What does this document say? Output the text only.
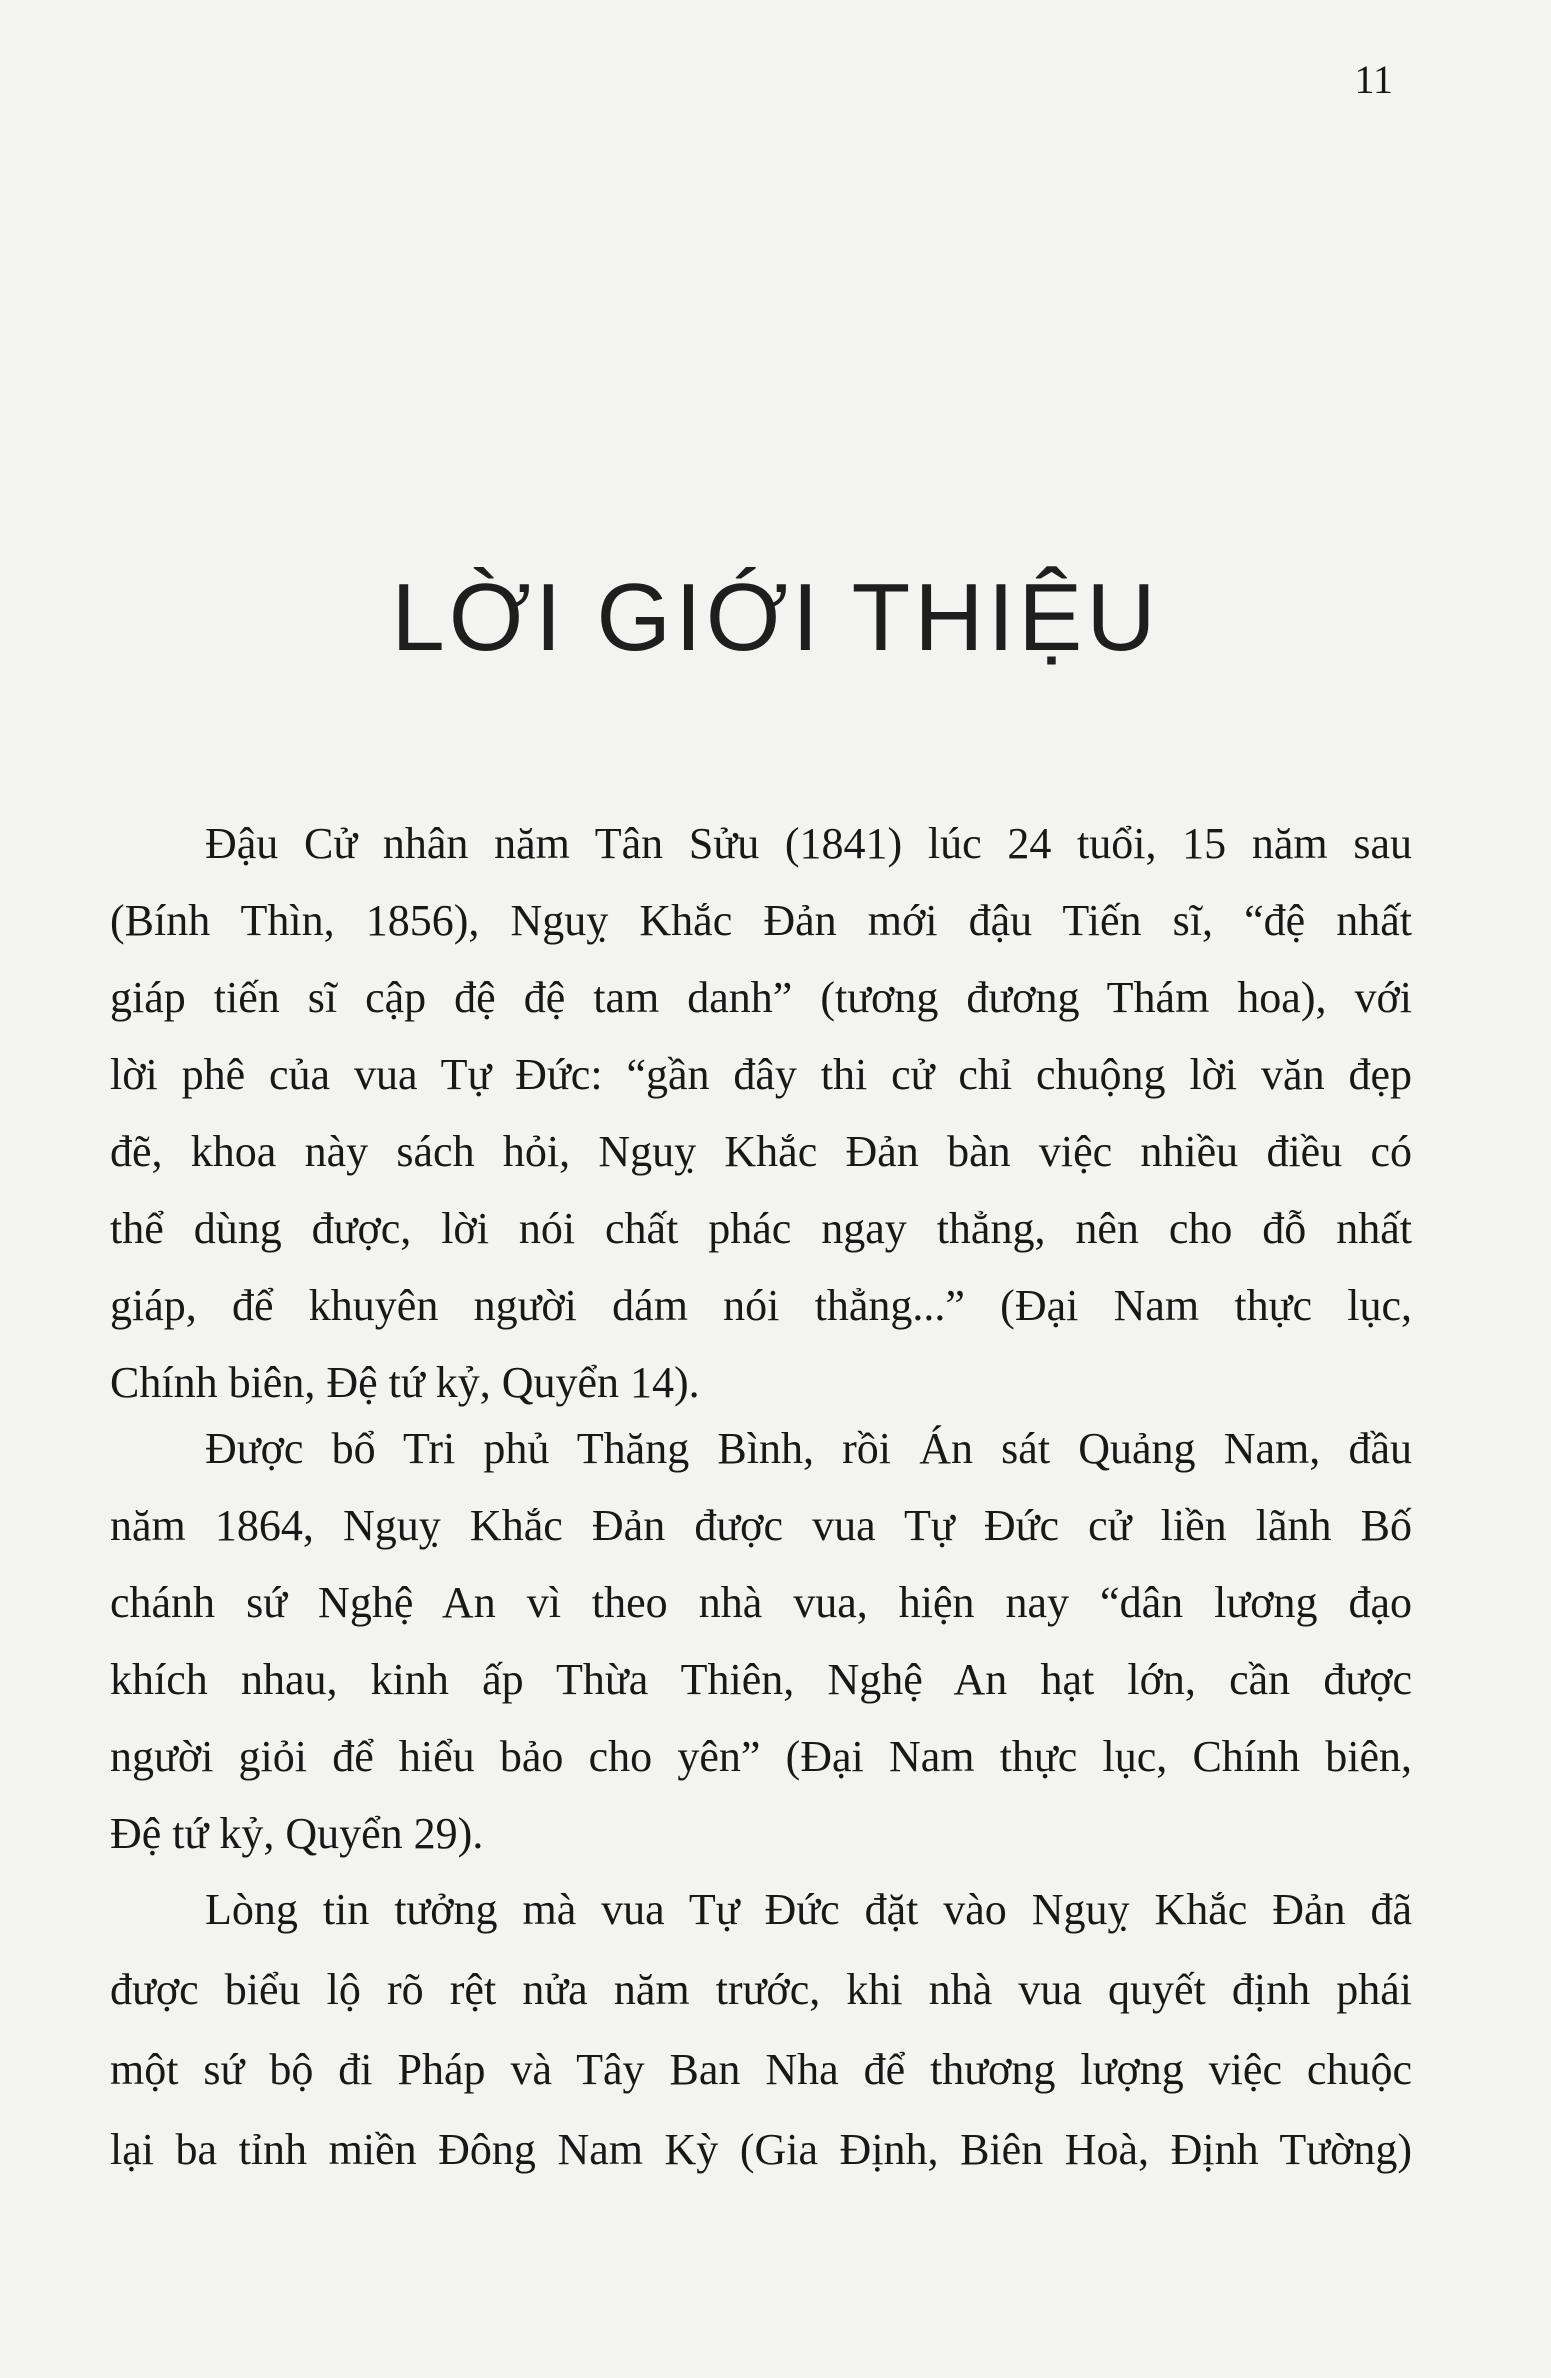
11
LỜI GIỚI THIỆU
Đậu Cử nhân năm Tân Sửu (1841) lúc 24 tuổi, 15 năm sau
(Bính Thìn, 1856), Nguỵ Khắc Đản mới đậu Tiến sĩ, “đệ nhất
giáp tiến sĩ cập đệ đệ tam danh” (tương đương Thám hoa), với
lời phê của vua Tự Đức: “gần đây thi cử chỉ chuộng lời văn đẹp
đẽ, khoa này sách hỏi, Nguỵ Khắc Đản bàn việc nhiều điều có
thể dùng được, lời nói chất phác ngay thẳng, nên cho đỗ nhất
giáp, để khuyên người dám nói thẳng...” (Đại Nam thực lục,
Chính biên, Đệ tứ kỷ, Quyển 14).
Được bổ Tri phủ Thăng Bình, rồi Án sát Quảng Nam, đầu
năm 1864, Nguỵ Khắc Đản được vua Tự Đức cử liền lãnh Bố
chánh sứ Nghệ An vì theo nhà vua, hiện nay “dân lương đạo
khích nhau, kinh ấp Thừa Thiên, Nghệ An hạt lớn, cần được
người giỏi để hiểu bảo cho yên” (Đại Nam thực lục, Chính biên,
Đệ tứ kỷ, Quyển 29).
Lòng tin tưởng mà vua Tự Đức đặt vào Nguỵ Khắc Đản đã
được biểu lộ rõ rệt nửa năm trước, khi nhà vua quyết định phái
một sứ bộ đi Pháp và Tây Ban Nha để thương lượng việc chuộc
lại ba tỉnh miền Đông Nam Kỳ (Gia Định, Biên Hoà, Định Tường)
